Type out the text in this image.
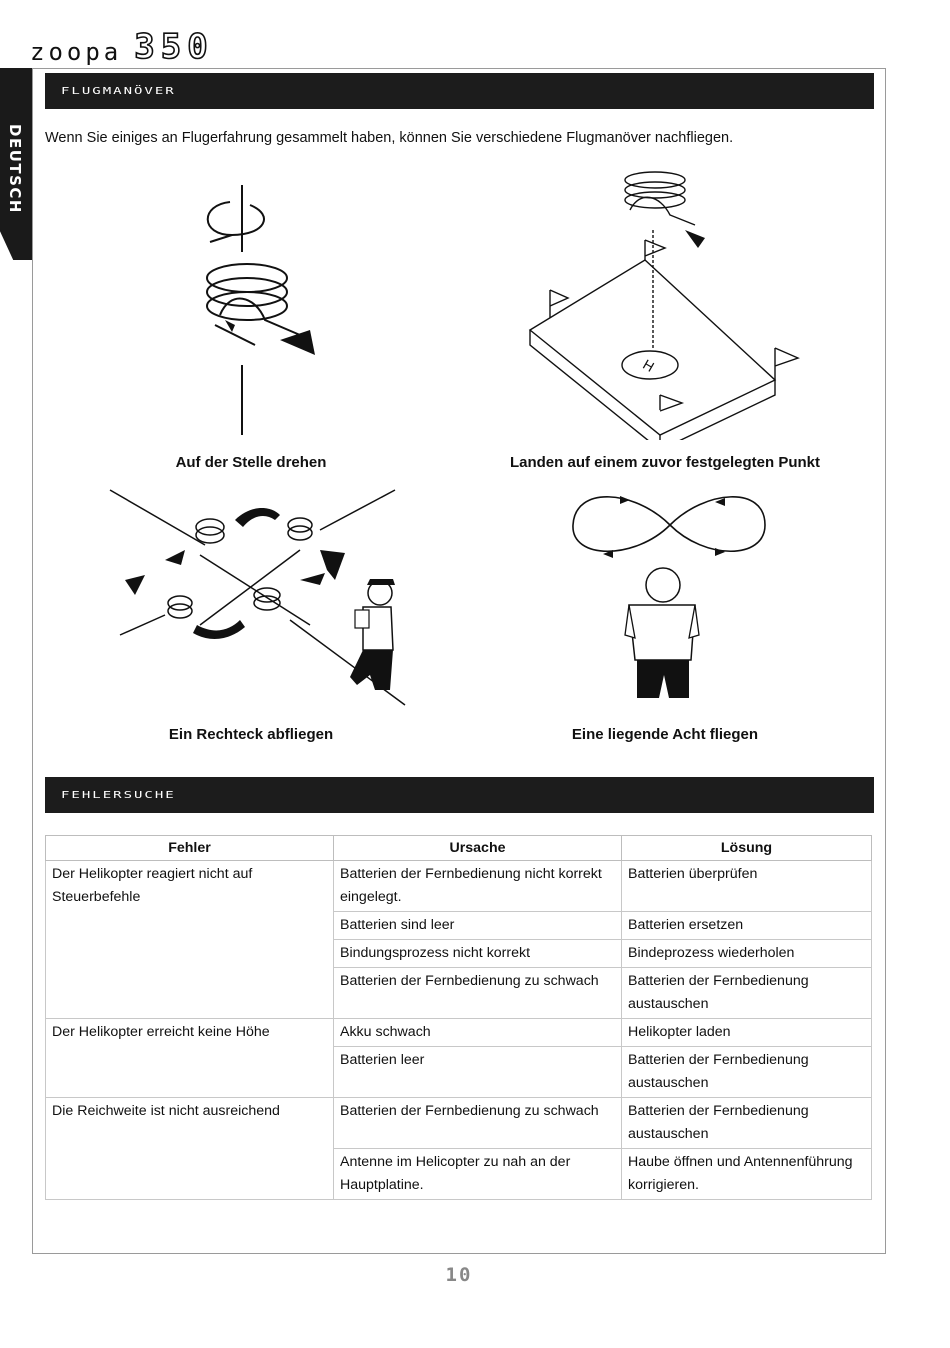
zoopa 350
DEUTSCH
FLUGMANÖVER
Wenn Sie einiges an Flugerfahrung gesammelt haben, können Sie verschiedene Flugmanöver nachfliegen.
H
Auf der Stelle drehen	Landen auf einem zuvor festgelegten Punkt
Ein Rechteck abfliegen	Eine liegende Acht fliegen
FEHLERSUCHE
Fehler	Ursache	Lösung
Der Helikopter reagiert nicht auf Steuerbefehle	Batterien der Fernbedienung nicht korrekt eingelegt.	Batterien überprüfen
	Batterien sind leer	Batterien ersetzen
	Bindungsprozess nicht korrekt	Bindeprozess wiederholen
	Batterien der Fernbedienung zu schwach	Batterien der Fernbedienung austauschen
Der Helikopter erreicht keine Höhe	Akku schwach	Helikopter laden
	Batterien leer	Batterien der Fernbedienung austauschen
Die Reichweite ist nicht ausreichend	Batterien der Fernbedienung zu schwach	Batterien der Fernbedienung austauschen
	Antenne im Helicopter zu nah an der Hauptplatine.	Haube öffnen und Antennenführung korrigieren.
10
